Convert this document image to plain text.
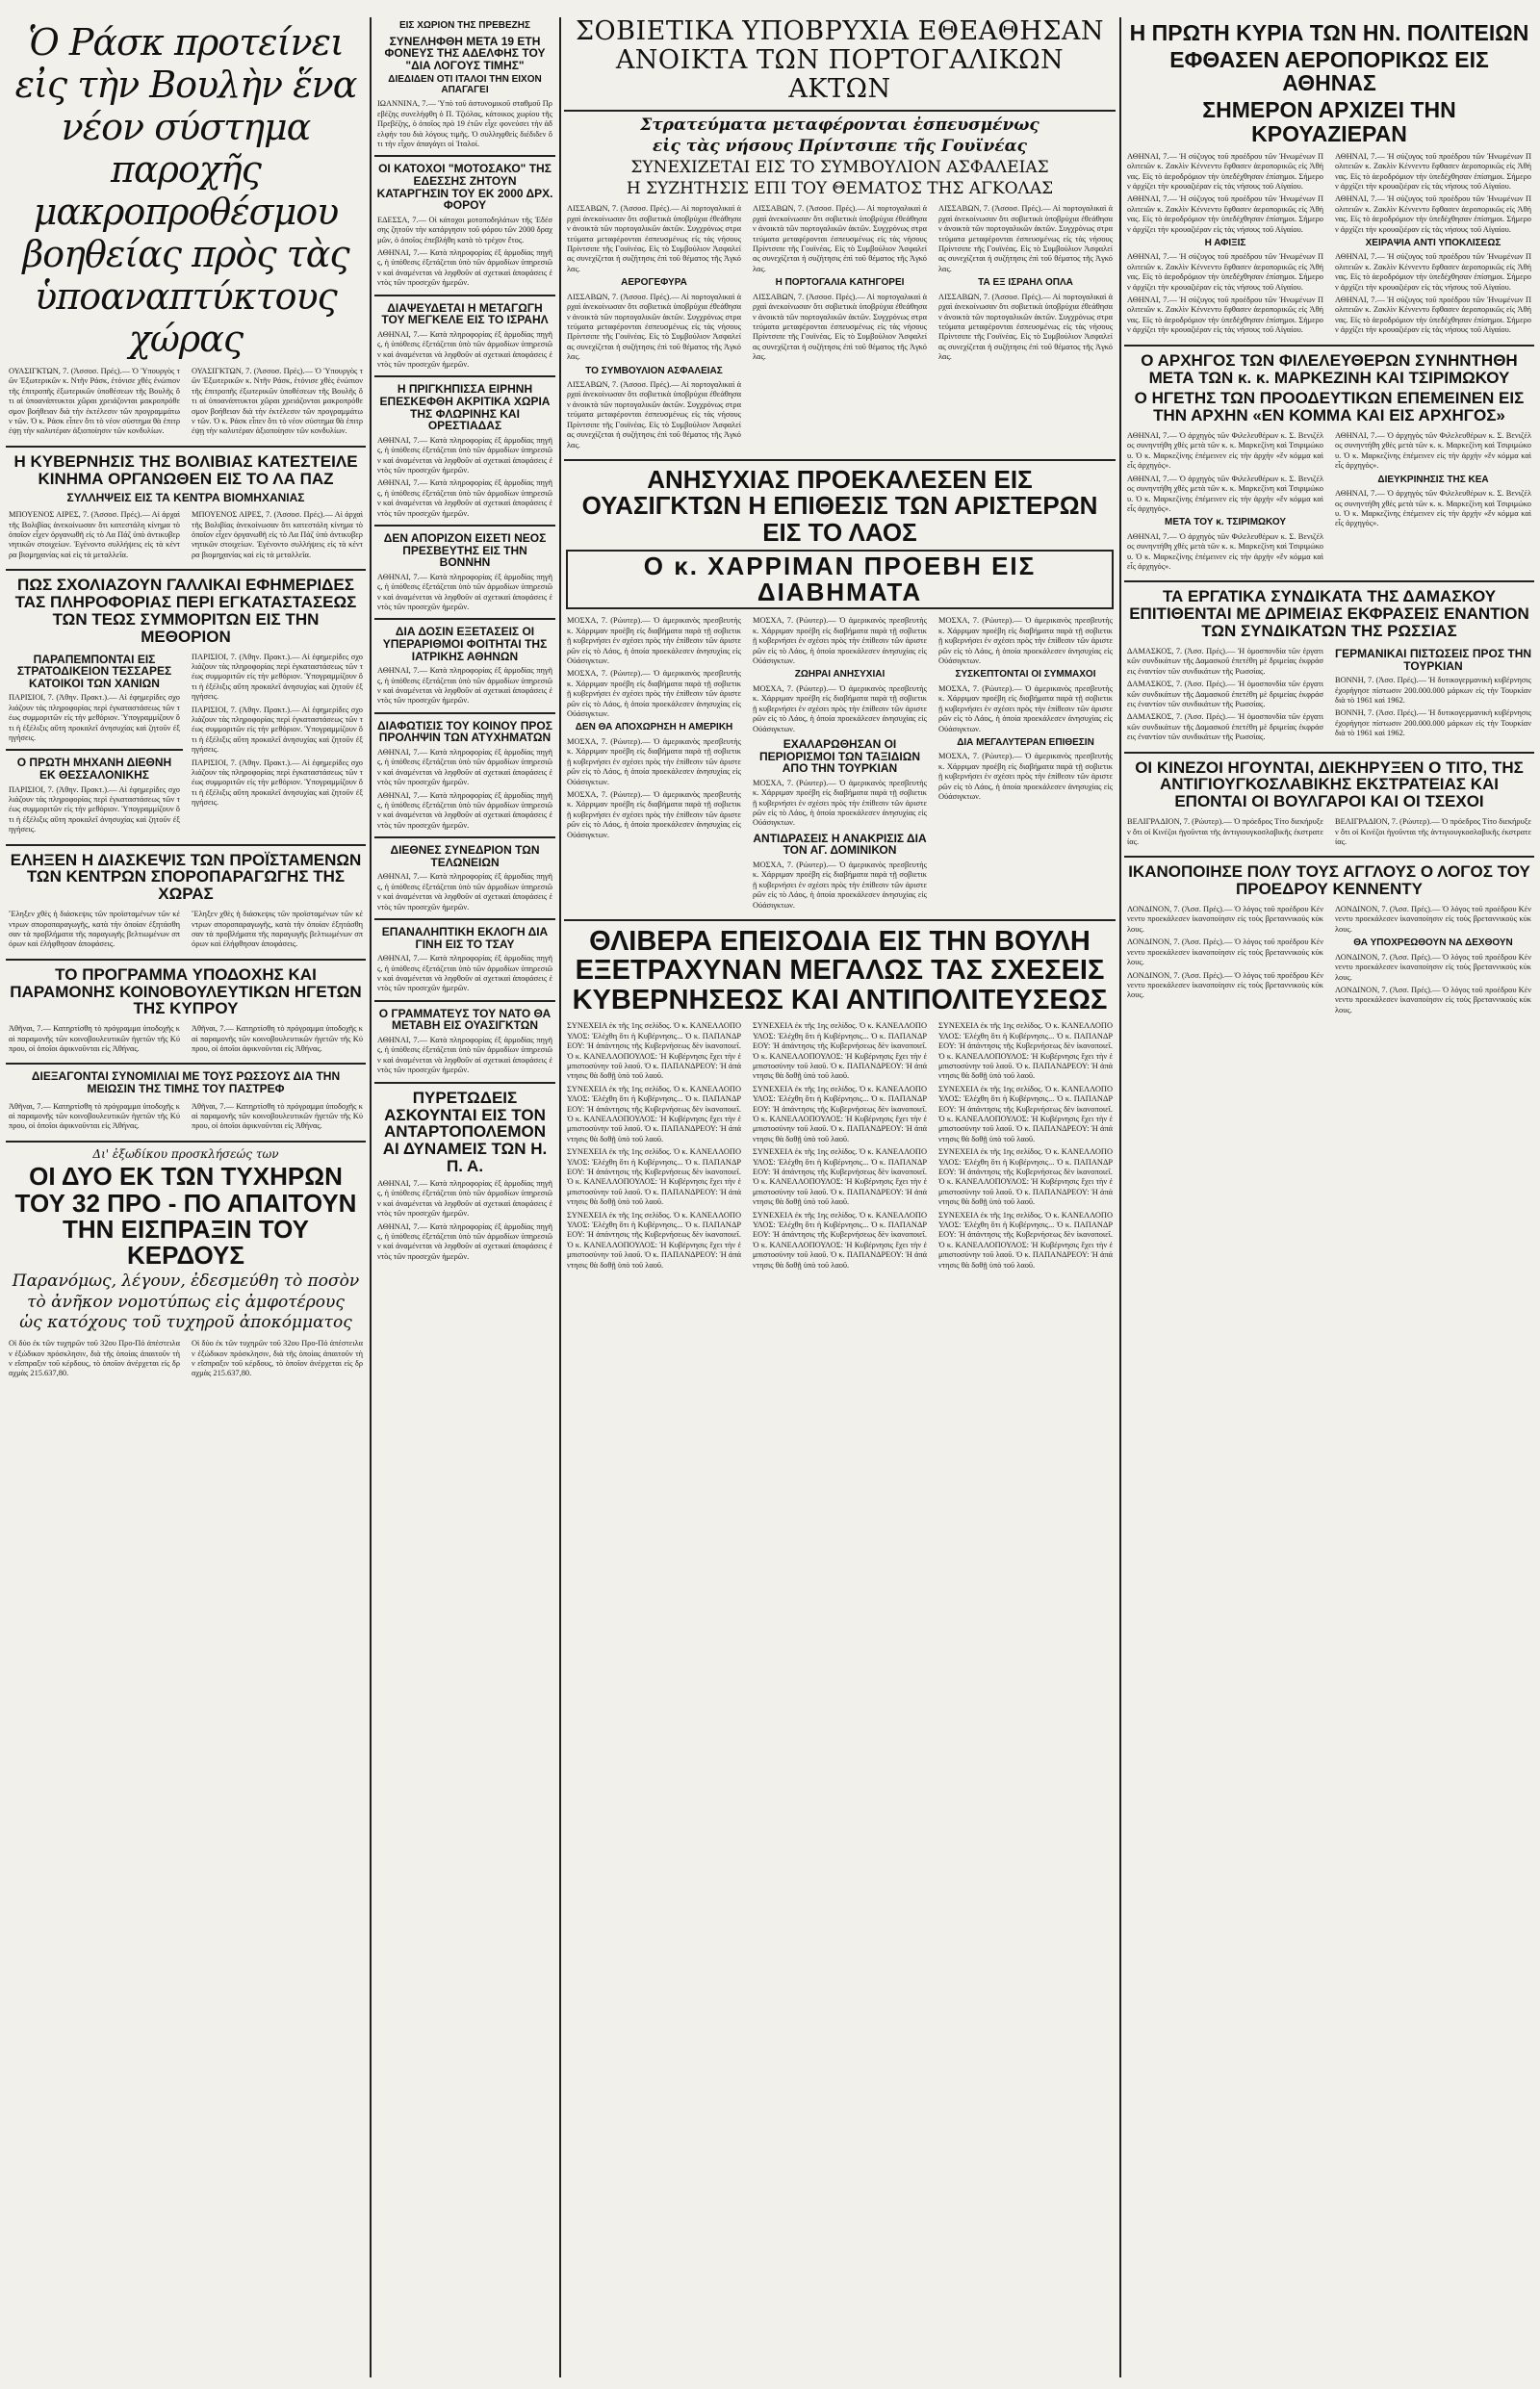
Ὁ Ράσκ προτείνει εἰς τὴν Βουλὴν ἕνα νέον σύστημα παροχῆς μακροπροθέσμου βοηθείας πρὸς τὰς ὑποαναπτύκτους χώρας
ΟΥΑΣΙΓΚΤΩΝ, 7. (Ἀσσοσ. Πρές).— Ὁ Ὑπουργὸς τῶν Ἐξωτερικῶν κ. Ντῆν Ράσκ, ἐτόνισε χθὲς ἐνώπιον τῆς ἐπιτροπῆς ἐξωτερικῶν ὑποθέσεων τῆς Βουλῆς ὅτι αἱ ὑποανάπτυκτοι χῶραι χρειάζονται μακροπρόθεσμον βοήθειαν διὰ τὴν ἐκτέλεσιν τῶν προγραμμάτων τῶν. Ὁ κ. Ράσκ εἶπεν ὅτι τὸ νέον σύστημα θὰ ἐπιτρέψῃ τὴν καλυτέραν ἀξιοποίησιν τῶν κονδυλίων.
ΟΥΑΣΙΓΚΤΩΝ, 7. (Ἀσσοσ. Πρές).— Ὁ Ὑπουργὸς τῶν Ἐξωτερικῶν κ. Ντῆν Ράσκ, ἐτόνισε χθὲς ἐνώπιον τῆς ἐπιτροπῆς ἐξωτερικῶν ὑποθέσεων τῆς Βουλῆς ὅτι αἱ ὑποανάπτυκτοι χῶραι χρειάζονται μακροπρόθεσμον βοήθειαν διὰ τὴν ἐκτέλεσιν τῶν προγραμμάτων τῶν. Ὁ κ. Ράσκ εἶπεν ὅτι τὸ νέον σύστημα θὰ ἐπιτρέψῃ τὴν καλυτέραν ἀξιοποίησιν τῶν κονδυλίων.
Η ΚΥΒΕΡΝΗΣΙΣ ΤΗΣ ΒΟΛΙΒΙΑΣ ΚΑΤΕΣΤΕΙΛΕ ΚΙΝΗΜΑ ΟΡΓΑΝΩΘΕΝ ΕΙΣ ΤΟ ΛΑ ΠΑΖ
ΣΥΛΛΗΨΕΙΣ ΕΙΣ ΤΑ ΚΕΝΤΡΑ ΒΙΟΜΗΧΑΝΙΑΣ
ΜΠΟΥΕΝΟΣ ΑΙΡΕΣ, 7. (Ἀσσοσ. Πρές).— Αἱ ἀρχαὶ τῆς Βολιβίας ἀνεκοίνωσαν ὅτι κατεστάλη κίνημα τὸ ὁποῖον εἶχεν ὀργανωθῆ εἰς τὸ Λα Πάζ ὑπὸ ἀντικυβερνητικῶν στοιχείων. Ἐγένοντο συλλήψεις εἰς τὰ κέντρα βιομηχανίας καὶ εἰς τὰ μεταλλεῖα.
ΜΠΟΥΕΝΟΣ ΑΙΡΕΣ, 7. (Ἀσσοσ. Πρές).— Αἱ ἀρχαὶ τῆς Βολιβίας ἀνεκοίνωσαν ὅτι κατεστάλη κίνημα τὸ ὁποῖον εἶχεν ὀργανωθῆ εἰς τὸ Λα Πάζ ὑπὸ ἀντικυβερνητικῶν στοιχείων. Ἐγένοντο συλλήψεις εἰς τὰ κέντρα βιομηχανίας καὶ εἰς τὰ μεταλλεῖα.
ΠΩΣ ΣΧΟΛΙΑΖΟΥΝ ΓΑΛΛΙΚΑΙ ΕΦΗΜΕΡΙΔΕΣ ΤΑΣ ΠΛΗΡΟΦΟΡΙΑΣ ΠΕΡΙ ΕΓΚΑΤΑΣΤΑΣΕΩΣ ΤΩΝ ΤΕΩΣ ΣΥΜΜΟΡΙΤΩΝ ΕΙΣ ΤΗΝ ΜΕΘΟΡΙΟΝ
ΠΑΡΑΠΕΜΠΟΝΤΑΙ ΕΙΣ ΣΤΡΑΤΟΔΙΚΕΙΟΝ ΤΕΣΣΑΡΕΣ ΚΑΤΟΙΚΟΙ ΤΩΝ ΧΑΝΙΩΝ
ΠΑΡΙΣΙΟΙ, 7. (Ἀθην. Πρακτ.).— Αἱ ἐφημερίδες σχολιάζουν τὰς πληροφορίας περὶ ἐγκαταστάσεως τῶν τέως συμμοριτῶν εἰς τὴν μεθόριον. Ὑπογραμμίζουν ὅτι ἡ ἐξέλιξις αὕτη προκαλεῖ ἀνησυχίας καὶ ζητοῦν ἐξηγήσεις.
Ο ΠΡΩΤΗ ΜΗΧΑΝΗ ΔΙΕΘΝΗ ΕΚ ΘΕΣΣΑΛΟΝΙΚΗΣ
ΠΑΡΙΣΙΟΙ, 7. (Ἀθην. Πρακτ.).— Αἱ ἐφημερίδες σχολιάζουν τὰς πληροφορίας περὶ ἐγκαταστάσεως τῶν τέως συμμοριτῶν εἰς τὴν μεθόριον. Ὑπογραμμίζουν ὅτι ἡ ἐξέλιξις αὕτη προκαλεῖ ἀνησυχίας καὶ ζητοῦν ἐξηγήσεις.
ΠΑΡΙΣΙΟΙ, 7. (Ἀθην. Πρακτ.).— Αἱ ἐφημερίδες σχολιάζουν τὰς πληροφορίας περὶ ἐγκαταστάσεως τῶν τέως συμμοριτῶν εἰς τὴν μεθόριον. Ὑπογραμμίζουν ὅτι ἡ ἐξέλιξις αὕτη προκαλεῖ ἀνησυχίας καὶ ζητοῦν ἐξηγήσεις.
ΠΑΡΙΣΙΟΙ, 7. (Ἀθην. Πρακτ.).— Αἱ ἐφημερίδες σχολιάζουν τὰς πληροφορίας περὶ ἐγκαταστάσεως τῶν τέως συμμοριτῶν εἰς τὴν μεθόριον. Ὑπογραμμίζουν ὅτι ἡ ἐξέλιξις αὕτη προκαλεῖ ἀνησυχίας καὶ ζητοῦν ἐξηγήσεις.
ΠΑΡΙΣΙΟΙ, 7. (Ἀθην. Πρακτ.).— Αἱ ἐφημερίδες σχολιάζουν τὰς πληροφορίας περὶ ἐγκαταστάσεως τῶν τέως συμμοριτῶν εἰς τὴν μεθόριον. Ὑπογραμμίζουν ὅτι ἡ ἐξέλιξις αὕτη προκαλεῖ ἀνησυχίας καὶ ζητοῦν ἐξηγήσεις.
ΕΛΗΞΕΝ Η ΔΙΑΣΚΕΨΙΣ ΤΩΝ ΠΡΟΪΣΤΑΜΕΝΩΝ ΤΩΝ ΚΕΝΤΡΩΝ ΣΠΟΡΟΠΑΡΑΓΩΓΗΣ ΤΗΣ ΧΩΡΑΣ
Ἔληξεν χθὲς ἡ διάσκεψις τῶν προϊσταμένων τῶν κέντρων σποροπαραγωγῆς, κατὰ τὴν ὁποίαν ἐξητάσθησαν τὰ προβλήματα τῆς παραγωγῆς βελτιωμένων σπόρων καὶ ἐλήφθησαν ἀποφάσεις.
Ἔληξεν χθὲς ἡ διάσκεψις τῶν προϊσταμένων τῶν κέντρων σποροπαραγωγῆς, κατὰ τὴν ὁποίαν ἐξητάσθησαν τὰ προβλήματα τῆς παραγωγῆς βελτιωμένων σπόρων καὶ ἐλήφθησαν ἀποφάσεις.
ΤΟ ΠΡΟΓΡΑΜΜΑ ΥΠΟΔΟΧΗΣ ΚΑΙ ΠΑΡΑΜΟΝΗΣ ΚΟΙΝΟΒΟΥΛΕΥΤΙΚΩΝ ΗΓΕΤΩΝ ΤΗΣ ΚΥΠΡΟΥ
Ἀθῆναι, 7.— Κατηρτίσθη τὸ πρόγραμμα ὑποδοχῆς καὶ παραμονῆς τῶν κοινοβουλευτικῶν ἡγετῶν τῆς Κύπρου, οἱ ὁποῖοι ἀφικνοῦνται εἰς Ἀθήνας.
Ἀθῆναι, 7.— Κατηρτίσθη τὸ πρόγραμμα ὑποδοχῆς καὶ παραμονῆς τῶν κοινοβουλευτικῶν ἡγετῶν τῆς Κύπρου, οἱ ὁποῖοι ἀφικνοῦνται εἰς Ἀθήνας.
ΔΙΕΞΑΓΟΝΤΑΙ ΣΥΝΟΜΙΛΙΑΙ ΜΕ ΤΟΥΣ ΡΩΣΣΟΥΣ ΔΙΑ ΤΗΝ ΜΕΙΩΣΙΝ ΤΗΣ ΤΙΜΗΣ ΤΟΥ ΠΑΣΤΡΕΦ
Ἀθῆναι, 7.— Κατηρτίσθη τὸ πρόγραμμα ὑποδοχῆς καὶ παραμονῆς τῶν κοινοβουλευτικῶν ἡγετῶν τῆς Κύπρου, οἱ ὁποῖοι ἀφικνοῦνται εἰς Ἀθήνας.
Ἀθῆναι, 7.— Κατηρτίσθη τὸ πρόγραμμα ὑποδοχῆς καὶ παραμονῆς τῶν κοινοβουλευτικῶν ἡγετῶν τῆς Κύπρου, οἱ ὁποῖοι ἀφικνοῦνται εἰς Ἀθήνας.
Δι' ἐξωδίκου προσκλήσεώς των
ΟΙ ΔΥΟ ΕΚ ΤΩΝ ΤΥΧΗΡΩΝ ΤΟΥ 32 ΠΡΟ - ΠΟ ΑΠΑΙΤΟΥΝ ΤΗΝ ΕΙΣΠΡΑΞΙΝ ΤΟΥ ΚΕΡΔΟΥΣ
Παρανόμως, λέγουν, ἐδεσμεύθη τὸ ποσὸν
τὸ ἀνῆκον νομοτύπως εἰς ἀμφοτέρους
ὡς κατόχους τοῦ τυχηροῦ ἀποκόμματος
Οἱ δύο ἐκ τῶν τυχηρῶν τοῦ 32ου Προ-Πό ἀπέστειλαν ἐξώδικον πρόσκλησιν, διὰ τῆς ὁποίας ἀπαιτοῦν τὴν εἴσπραξιν τοῦ κέρδους, τὸ ὁποῖον ἀνέρχεται εἰς δραχμὰς 215.637,80.
Οἱ δύο ἐκ τῶν τυχηρῶν τοῦ 32ου Προ-Πό ἀπέστειλαν ἐξώδικον πρόσκλησιν, διὰ τῆς ὁποίας ἀπαιτοῦν τὴν εἴσπραξιν τοῦ κέρδους, τὸ ὁποῖον ἀνέρχεται εἰς δραχμὰς 215.637,80.
ΕΙΣ ΧΩΡΙΟΝ ΤΗΣ ΠΡΕΒΕΖΗΣ
ΣΥΝΕΛΗΦΘΗ ΜΕΤΑ 19 ΕΤΗ ΦΟΝΕΥΣ ΤΗΣ ΑΔΕΛΦΗΣ ΤΟΥ "ΔΙΑ ΛΟΓΟΥΣ ΤΙΜΗΣ"
ΔΙΕΔΙΔΕΝ ΟΤΙ ΙΤΑΛΟΙ ΤΗΝ ΕΙΧΟΝ ΑΠΑΓΑΓΕΙ
ΙΩΑΝΝΙΝΑ, 7.— Ὑπὸ τοῦ ἀστυνομικοῦ σταθμοῦ Πρεβέζης συνελήφθη ὁ Π. Τζιόλας, κάτοικος χωρίου τῆς Πρεβέζης, ὁ ὁποῖος πρὸ 19 ἐτῶν εἶχε φονεύσει τὴν ἀδελφήν του διὰ λόγους τιμῆς. Ὁ συλληφθεὶς διέδιδεν ὅτι τὴν εἶχον ἀπαγάγει οἱ Ἰταλοί.
ΟΙ ΚΑΤΟΧΟΙ "ΜΟΤΟΣΑΚΟ" ΤΗΣ ΕΔΕΣΣΗΣ ΖΗΤΟΥΝ ΚΑΤΑΡΓΗΣΙΝ ΤΟΥ ΕΚ 2000 ΔΡΧ. ΦΟΡΟΥ
ΕΔΕΣΣΑ, 7.— Οἱ κάτοχοι μοτοποδηλάτων τῆς Ἐδέσσης ζητοῦν τὴν κατάργησιν τοῦ φόρου τῶν 2000 δραχμῶν, ὁ ὁποῖος ἐπεβλήθη κατὰ τὸ τρέχον ἔτος.
ΑΘΗΝΑΙ, 7.— Κατὰ πληροφορίας ἐξ ἁρμοδίας πηγῆς, ἡ ὑπόθεσις ἐξετάζεται ὑπὸ τῶν ἁρμοδίων ὑπηρεσιῶν καὶ ἀναμένεται νὰ ληφθοῦν αἱ σχετικαὶ ἀποφάσεις ἐντὸς τῶν προσεχῶν ἡμερῶν.
ΔΙΑΨΕΥΔΕΤΑΙ Η ΜΕΤΑΓΩΓΗ ΤΟΥ ΜΕΓΚΕΛΕ ΕΙΣ ΤΟ ΙΣΡΑΗΛ
ΑΘΗΝΑΙ, 7.— Κατὰ πληροφορίας ἐξ ἁρμοδίας πηγῆς, ἡ ὑπόθεσις ἐξετάζεται ὑπὸ τῶν ἁρμοδίων ὑπηρεσιῶν καὶ ἀναμένεται νὰ ληφθοῦν αἱ σχετικαὶ ἀποφάσεις ἐντὸς τῶν προσεχῶν ἡμερῶν.
Η ΠΡΙΓΚΗΠΙΣΣΑ ΕΙΡΗΝΗ ΕΠΕΣΚΕΦΘΗ ΑΚΡΙΤΙΚΑ ΧΩΡΙΑ ΤΗΣ ΦΛΩΡΙΝΗΣ ΚΑΙ ΟΡΕΣΤΙΑΔΑΣ
ΑΘΗΝΑΙ, 7.— Κατὰ πληροφορίας ἐξ ἁρμοδίας πηγῆς, ἡ ὑπόθεσις ἐξετάζεται ὑπὸ τῶν ἁρμοδίων ὑπηρεσιῶν καὶ ἀναμένεται νὰ ληφθοῦν αἱ σχετικαὶ ἀποφάσεις ἐντὸς τῶν προσεχῶν ἡμερῶν.
ΑΘΗΝΑΙ, 7.— Κατὰ πληροφορίας ἐξ ἁρμοδίας πηγῆς, ἡ ὑπόθεσις ἐξετάζεται ὑπὸ τῶν ἁρμοδίων ὑπηρεσιῶν καὶ ἀναμένεται νὰ ληφθοῦν αἱ σχετικαὶ ἀποφάσεις ἐντὸς τῶν προσεχῶν ἡμερῶν.
ΔΕΝ ΑΠΟΡΙΖΟΝ ΕΙΣΕΤΙ ΝΕΟΣ ΠΡΕΣΒΕΥΤΗΣ ΕΙΣ ΤΗΝ ΒΟΝΝΗΝ
ΑΘΗΝΑΙ, 7.— Κατὰ πληροφορίας ἐξ ἁρμοδίας πηγῆς, ἡ ὑπόθεσις ἐξετάζεται ὑπὸ τῶν ἁρμοδίων ὑπηρεσιῶν καὶ ἀναμένεται νὰ ληφθοῦν αἱ σχετικαὶ ἀποφάσεις ἐντὸς τῶν προσεχῶν ἡμερῶν.
ΔΙΑ ΔΟΣΙΝ ΕΞΕΤΑΣΕΙΣ ΟΙ ΥΠΕΡΑΡΙΘΜΟΙ ΦΟΙΤΗΤΑΙ ΤΗΣ ΙΑΤΡΙΚΗΣ ΑΘΗΝΩΝ
ΑΘΗΝΑΙ, 7.— Κατὰ πληροφορίας ἐξ ἁρμοδίας πηγῆς, ἡ ὑπόθεσις ἐξετάζεται ὑπὸ τῶν ἁρμοδίων ὑπηρεσιῶν καὶ ἀναμένεται νὰ ληφθοῦν αἱ σχετικαὶ ἀποφάσεις ἐντὸς τῶν προσεχῶν ἡμερῶν.
ΔΙΑΦΩΤΙΣΙΣ ΤΟΥ ΚΟΙΝΟΥ ΠΡΟΣ ΠΡΟΛΗΨΙΝ ΤΩΝ ΑΤΥΧΗΜΑΤΩΝ
ΑΘΗΝΑΙ, 7.— Κατὰ πληροφορίας ἐξ ἁρμοδίας πηγῆς, ἡ ὑπόθεσις ἐξετάζεται ὑπὸ τῶν ἁρμοδίων ὑπηρεσιῶν καὶ ἀναμένεται νὰ ληφθοῦν αἱ σχετικαὶ ἀποφάσεις ἐντὸς τῶν προσεχῶν ἡμερῶν.
ΑΘΗΝΑΙ, 7.— Κατὰ πληροφορίας ἐξ ἁρμοδίας πηγῆς, ἡ ὑπόθεσις ἐξετάζεται ὑπὸ τῶν ἁρμοδίων ὑπηρεσιῶν καὶ ἀναμένεται νὰ ληφθοῦν αἱ σχετικαὶ ἀποφάσεις ἐντὸς τῶν προσεχῶν ἡμερῶν.
ΔΙΕΘΝΕΣ ΣΥΝΕΔΡΙΟΝ ΤΩΝ ΤΕΛΩΝΕΙΩΝ
ΑΘΗΝΑΙ, 7.— Κατὰ πληροφορίας ἐξ ἁρμοδίας πηγῆς, ἡ ὑπόθεσις ἐξετάζεται ὑπὸ τῶν ἁρμοδίων ὑπηρεσιῶν καὶ ἀναμένεται νὰ ληφθοῦν αἱ σχετικαὶ ἀποφάσεις ἐντὸς τῶν προσεχῶν ἡμερῶν.
ΕΠΑΝΑΛΗΠΤΙΚΗ ΕΚΛΟΓΗ ΔΙΑ ΓΙΝΗ ΕΙΣ ΤΟ ΤΣΑΥ
ΑΘΗΝΑΙ, 7.— Κατὰ πληροφορίας ἐξ ἁρμοδίας πηγῆς, ἡ ὑπόθεσις ἐξετάζεται ὑπὸ τῶν ἁρμοδίων ὑπηρεσιῶν καὶ ἀναμένεται νὰ ληφθοῦν αἱ σχετικαὶ ἀποφάσεις ἐντὸς τῶν προσεχῶν ἡμερῶν.
Ο ΓΡΑΜΜΑΤΕΥΣ ΤΟΥ ΝΑΤΟ ΘΑ ΜΕΤΑΒΗ ΕΙΣ ΟΥΑΣΙΓΚΤΩΝ
ΑΘΗΝΑΙ, 7.— Κατὰ πληροφορίας ἐξ ἁρμοδίας πηγῆς, ἡ ὑπόθεσις ἐξετάζεται ὑπὸ τῶν ἁρμοδίων ὑπηρεσιῶν καὶ ἀναμένεται νὰ ληφθοῦν αἱ σχετικαὶ ἀποφάσεις ἐντὸς τῶν προσεχῶν ἡμερῶν.
ΠΥΡΕΤΩΔΕΙΣ ΑΣΚΟΥΝΤΑΙ ΕΙΣ ΤΟΝ ΑΝΤΑΡΤΟΠΟΛΕΜΟΝ ΑΙ ΔΥΝΑΜΕΙΣ ΤΩΝ Η. Π. Α.
ΑΘΗΝΑΙ, 7.— Κατὰ πληροφορίας ἐξ ἁρμοδίας πηγῆς, ἡ ὑπόθεσις ἐξετάζεται ὑπὸ τῶν ἁρμοδίων ὑπηρεσιῶν καὶ ἀναμένεται νὰ ληφθοῦν αἱ σχετικαὶ ἀποφάσεις ἐντὸς τῶν προσεχῶν ἡμερῶν.
ΑΘΗΝΑΙ, 7.— Κατὰ πληροφορίας ἐξ ἁρμοδίας πηγῆς, ἡ ὑπόθεσις ἐξετάζεται ὑπὸ τῶν ἁρμοδίων ὑπηρεσιῶν καὶ ἀναμένεται νὰ ληφθοῦν αἱ σχετικαὶ ἀποφάσεις ἐντὸς τῶν προσεχῶν ἡμερῶν.
ΣΟΒΙΕΤΙΚΑ ΥΠΟΒΡΥΧΙΑ ΕΘΕΑΘΗΣΑΝ
ΑΝΟΙΚΤΑ ΤΩΝ ΠΟΡΤΟΓΑΛΙΚΩΝ ΑΚΤΩΝ
Στρατεύματα μεταφέρονται ἐσπευσμένως
εἰς τὰς νήσους Πρίντσιπε τῆς Γουϊνέας
ΣΥΝΕΧΙΖΕΤΑΙ ΕΙΣ ΤΟ ΣΥΜΒΟΥΛΙΟΝ ΑΣΦΑΛΕΙΑΣ
Η ΣΥΖΗΤΗΣΙΣ ΕΠΙ ΤΟΥ ΘΕΜΑΤΟΣ ΤΗΣ ΑΓΚΟΛΑΣ
ΛΙΣΣΑΒΩΝ, 7. (Ἀσσοσ. Πρές).— Αἱ πορτογαλικαὶ ἀρχαὶ ἀνεκοίνωσαν ὅτι σοβιετικὰ ὑποβρύχια ἐθεάθησαν ἀνοικτὰ τῶν πορτογαλικῶν ἀκτῶν. Συγχρόνως στρατεύματα μεταφέρονται ἐσπευσμένως εἰς τὰς νήσους Πρίντσιπε τῆς Γουϊνέας. Εἰς τὸ Συμβούλιον Ἀσφαλείας συνεχίζεται ἡ συζήτησις ἐπὶ τοῦ θέματος τῆς Ἀγκόλας.
ΑΕΡΟΓΕΦΥΡΑ
ΛΙΣΣΑΒΩΝ, 7. (Ἀσσοσ. Πρές).— Αἱ πορτογαλικαὶ ἀρχαὶ ἀνεκοίνωσαν ὅτι σοβιετικὰ ὑποβρύχια ἐθεάθησαν ἀνοικτὰ τῶν πορτογαλικῶν ἀκτῶν. Συγχρόνως στρατεύματα μεταφέρονται ἐσπευσμένως εἰς τὰς νήσους Πρίντσιπε τῆς Γουϊνέας. Εἰς τὸ Συμβούλιον Ἀσφαλείας συνεχίζεται ἡ συζήτησις ἐπὶ τοῦ θέματος τῆς Ἀγκόλας.
ΤΟ ΣΥΜΒΟΥΛΙΟΝ ΑΣΦΑΛΕΙΑΣ
ΛΙΣΣΑΒΩΝ, 7. (Ἀσσοσ. Πρές).— Αἱ πορτογαλικαὶ ἀρχαὶ ἀνεκοίνωσαν ὅτι σοβιετικὰ ὑποβρύχια ἐθεάθησαν ἀνοικτὰ τῶν πορτογαλικῶν ἀκτῶν. Συγχρόνως στρατεύματα μεταφέρονται ἐσπευσμένως εἰς τὰς νήσους Πρίντσιπε τῆς Γουϊνέας. Εἰς τὸ Συμβούλιον Ἀσφαλείας συνεχίζεται ἡ συζήτησις ἐπὶ τοῦ θέματος τῆς Ἀγκόλας.
ΛΙΣΣΑΒΩΝ, 7. (Ἀσσοσ. Πρές).— Αἱ πορτογαλικαὶ ἀρχαὶ ἀνεκοίνωσαν ὅτι σοβιετικὰ ὑποβρύχια ἐθεάθησαν ἀνοικτὰ τῶν πορτογαλικῶν ἀκτῶν. Συγχρόνως στρατεύματα μεταφέρονται ἐσπευσμένως εἰς τὰς νήσους Πρίντσιπε τῆς Γουϊνέας. Εἰς τὸ Συμβούλιον Ἀσφαλείας συνεχίζεται ἡ συζήτησις ἐπὶ τοῦ θέματος τῆς Ἀγκόλας.
Η ΠΟΡΤΟΓΑΛΙΑ ΚΑΤΗΓΟΡΕΙ
ΛΙΣΣΑΒΩΝ, 7. (Ἀσσοσ. Πρές).— Αἱ πορτογαλικαὶ ἀρχαὶ ἀνεκοίνωσαν ὅτι σοβιετικὰ ὑποβρύχια ἐθεάθησαν ἀνοικτὰ τῶν πορτογαλικῶν ἀκτῶν. Συγχρόνως στρατεύματα μεταφέρονται ἐσπευσμένως εἰς τὰς νήσους Πρίντσιπε τῆς Γουϊνέας. Εἰς τὸ Συμβούλιον Ἀσφαλείας συνεχίζεται ἡ συζήτησις ἐπὶ τοῦ θέματος τῆς Ἀγκόλας.
ΛΙΣΣΑΒΩΝ, 7. (Ἀσσοσ. Πρές).— Αἱ πορτογαλικαὶ ἀρχαὶ ἀνεκοίνωσαν ὅτι σοβιετικὰ ὑποβρύχια ἐθεάθησαν ἀνοικτὰ τῶν πορτογαλικῶν ἀκτῶν. Συγχρόνως στρατεύματα μεταφέρονται ἐσπευσμένως εἰς τὰς νήσους Πρίντσιπε τῆς Γουϊνέας. Εἰς τὸ Συμβούλιον Ἀσφαλείας συνεχίζεται ἡ συζήτησις ἐπὶ τοῦ θέματος τῆς Ἀγκόλας.
ΤΑ ΕΞ ΙΣΡΑΗΛ ΟΠΛΑ
ΛΙΣΣΑΒΩΝ, 7. (Ἀσσοσ. Πρές).— Αἱ πορτογαλικαὶ ἀρχαὶ ἀνεκοίνωσαν ὅτι σοβιετικὰ ὑποβρύχια ἐθεάθησαν ἀνοικτὰ τῶν πορτογαλικῶν ἀκτῶν. Συγχρόνως στρατεύματα μεταφέρονται ἐσπευσμένως εἰς τὰς νήσους Πρίντσιπε τῆς Γουϊνέας. Εἰς τὸ Συμβούλιον Ἀσφαλείας συνεχίζεται ἡ συζήτησις ἐπὶ τοῦ θέματος τῆς Ἀγκόλας.
ΑΝΗΣΥΧΙΑΣ ΠΡΟΕΚΑΛΕΣΕΝ ΕΙΣ ΟΥΑΣΙΓΚΤΩΝ Η ΕΠΙΘΕΣΙΣ ΤΩΝ ΑΡΙΣΤΕΡΩΝ ΕΙΣ ΤΟ ΛΑΟΣ
Ο κ. ΧΑΡΡΙΜΑΝ ΠΡΟΕΒΗ ΕΙΣ ΔΙΑΒΗΜΑΤΑ
ΜΟΣΧΑ, 7. (Ρώυτερ).— Ὁ ἀμερικανὸς πρεσβευτὴς κ. Χάρριμαν προέβη εἰς διαβήματα παρὰ τῇ σοβιετικῇ κυβερνήσει ἐν σχέσει πρὸς τὴν ἐπίθεσιν τῶν ἀριστερῶν εἰς τὸ Λάος, ἡ ὁποία προεκάλεσεν ἀνησυχίας εἰς Οὐάσιγκτων.
ΜΟΣΧΑ, 7. (Ρώυτερ).— Ὁ ἀμερικανὸς πρεσβευτὴς κ. Χάρριμαν προέβη εἰς διαβήματα παρὰ τῇ σοβιετικῇ κυβερνήσει ἐν σχέσει πρὸς τὴν ἐπίθεσιν τῶν ἀριστερῶν εἰς τὸ Λάος, ἡ ὁποία προεκάλεσεν ἀνησυχίας εἰς Οὐάσιγκτων.
ΔΕΝ ΘΑ ΑΠΟΧΩΡΗΣΗ Η ΑΜΕΡΙΚΗ
ΜΟΣΧΑ, 7. (Ρώυτερ).— Ὁ ἀμερικανὸς πρεσβευτὴς κ. Χάρριμαν προέβη εἰς διαβήματα παρὰ τῇ σοβιετικῇ κυβερνήσει ἐν σχέσει πρὸς τὴν ἐπίθεσιν τῶν ἀριστερῶν εἰς τὸ Λάος, ἡ ὁποία προεκάλεσεν ἀνησυχίας εἰς Οὐάσιγκτων.
ΜΟΣΧΑ, 7. (Ρώυτερ).— Ὁ ἀμερικανὸς πρεσβευτὴς κ. Χάρριμαν προέβη εἰς διαβήματα παρὰ τῇ σοβιετικῇ κυβερνήσει ἐν σχέσει πρὸς τὴν ἐπίθεσιν τῶν ἀριστερῶν εἰς τὸ Λάος, ἡ ὁποία προεκάλεσεν ἀνησυχίας εἰς Οὐάσιγκτων.
ΜΟΣΧΑ, 7. (Ρώυτερ).— Ὁ ἀμερικανὸς πρεσβευτὴς κ. Χάρριμαν προέβη εἰς διαβήματα παρὰ τῇ σοβιετικῇ κυβερνήσει ἐν σχέσει πρὸς τὴν ἐπίθεσιν τῶν ἀριστερῶν εἰς τὸ Λάος, ἡ ὁποία προεκάλεσεν ἀνησυχίας εἰς Οὐάσιγκτων.
ΖΩΗΡΑΙ ΑΝΗΣΥΧΙΑΙ
ΜΟΣΧΑ, 7. (Ρώυτερ).— Ὁ ἀμερικανὸς πρεσβευτὴς κ. Χάρριμαν προέβη εἰς διαβήματα παρὰ τῇ σοβιετικῇ κυβερνήσει ἐν σχέσει πρὸς τὴν ἐπίθεσιν τῶν ἀριστερῶν εἰς τὸ Λάος, ἡ ὁποία προεκάλεσεν ἀνησυχίας εἰς Οὐάσιγκτων.
ΕΧΑΛΑΡΩΘΗΣΑΝ ΟΙ ΠΕΡΙΟΡΙΣΜΟΙ ΤΩΝ ΤΑΞΙΔΙΩΝ ΑΠΟ ΤΗΝ ΤΟΥΡΚΙΑΝ
ΜΟΣΧΑ, 7. (Ρώυτερ).— Ὁ ἀμερικανὸς πρεσβευτὴς κ. Χάρριμαν προέβη εἰς διαβήματα παρὰ τῇ σοβιετικῇ κυβερνήσει ἐν σχέσει πρὸς τὴν ἐπίθεσιν τῶν ἀριστερῶν εἰς τὸ Λάος, ἡ ὁποία προεκάλεσεν ἀνησυχίας εἰς Οὐάσιγκτων.
ΑΝΤΙΔΡΑΣΕΙΣ Η ΑΝΑΚΡΙΣΙΣ ΔΙΑ ΤΟΝ ΑΓ. ΔΟΜΙΝΙΚΟΝ
ΜΟΣΧΑ, 7. (Ρώυτερ).— Ὁ ἀμερικανὸς πρεσβευτὴς κ. Χάρριμαν προέβη εἰς διαβήματα παρὰ τῇ σοβιετικῇ κυβερνήσει ἐν σχέσει πρὸς τὴν ἐπίθεσιν τῶν ἀριστερῶν εἰς τὸ Λάος, ἡ ὁποία προεκάλεσεν ἀνησυχίας εἰς Οὐάσιγκτων.
ΜΟΣΧΑ, 7. (Ρώυτερ).— Ὁ ἀμερικανὸς πρεσβευτὴς κ. Χάρριμαν προέβη εἰς διαβήματα παρὰ τῇ σοβιετικῇ κυβερνήσει ἐν σχέσει πρὸς τὴν ἐπίθεσιν τῶν ἀριστερῶν εἰς τὸ Λάος, ἡ ὁποία προεκάλεσεν ἀνησυχίας εἰς Οὐάσιγκτων.
ΣΥΣΚΕΠΤΟΝΤΑΙ ΟΙ ΣΥΜΜΑΧΟΙ
ΜΟΣΧΑ, 7. (Ρώυτερ).— Ὁ ἀμερικανὸς πρεσβευτὴς κ. Χάρριμαν προέβη εἰς διαβήματα παρὰ τῇ σοβιετικῇ κυβερνήσει ἐν σχέσει πρὸς τὴν ἐπίθεσιν τῶν ἀριστερῶν εἰς τὸ Λάος, ἡ ὁποία προεκάλεσεν ἀνησυχίας εἰς Οὐάσιγκτων.
ΔΙΑ ΜΕΓΑΛΥΤΕΡΑΝ ΕΠΙΘΕΣΙΝ
ΜΟΣΧΑ, 7. (Ρώυτερ).— Ὁ ἀμερικανὸς πρεσβευτὴς κ. Χάρριμαν προέβη εἰς διαβήματα παρὰ τῇ σοβιετικῇ κυβερνήσει ἐν σχέσει πρὸς τὴν ἐπίθεσιν τῶν ἀριστερῶν εἰς τὸ Λάος, ἡ ὁποία προεκάλεσεν ἀνησυχίας εἰς Οὐάσιγκτων.
ΘΛΙΒΕΡΑ ΕΠΕΙΣΟΔΙΑ ΕΙΣ ΤΗΝ ΒΟΥΛΗ ΕΞΕΤΡΑΧΥΝΑΝ ΜΕΓΑΛΩΣ ΤΑΣ ΣΧΕΣΕΙΣ ΚΥΒΕΡΝΗΣΕΩΣ ΚΑΙ ΑΝΤΙΠΟΛΙΤΕΥΣΕΩΣ
ΣΥΝΕΧΕΙΑ ἐκ τῆς 1ης σελίδος. Ὁ κ. ΚΑΝΕΛΛΟΠΟΥΛΟΣ: Ἐλέχθη ὅτι ἡ Κυβέρνησις... Ὁ κ. ΠΑΠΑΝΔΡΕΟΥ: Ἡ ἀπάντησις τῆς Κυβερνήσεως δὲν ἱκανοποιεῖ. Ὁ κ. ΚΑΝΕΛΛΟΠΟΥΛΟΣ: Ἡ Κυβέρνησις ἔχει τὴν ἐμπιστοσύνην τοῦ λαοῦ. Ὁ κ. ΠΑΠΑΝΔΡΕΟΥ: Ἡ ἀπάντησις θὰ δοθῇ ὑπὸ τοῦ λαοῦ.
ΣΥΝΕΧΕΙΑ ἐκ τῆς 1ης σελίδος. Ὁ κ. ΚΑΝΕΛΛΟΠΟΥΛΟΣ: Ἐλέχθη ὅτι ἡ Κυβέρνησις... Ὁ κ. ΠΑΠΑΝΔΡΕΟΥ: Ἡ ἀπάντησις τῆς Κυβερνήσεως δὲν ἱκανοποιεῖ. Ὁ κ. ΚΑΝΕΛΛΟΠΟΥΛΟΣ: Ἡ Κυβέρνησις ἔχει τὴν ἐμπιστοσύνην τοῦ λαοῦ. Ὁ κ. ΠΑΠΑΝΔΡΕΟΥ: Ἡ ἀπάντησις θὰ δοθῇ ὑπὸ τοῦ λαοῦ.
ΣΥΝΕΧΕΙΑ ἐκ τῆς 1ης σελίδος. Ὁ κ. ΚΑΝΕΛΛΟΠΟΥΛΟΣ: Ἐλέχθη ὅτι ἡ Κυβέρνησις... Ὁ κ. ΠΑΠΑΝΔΡΕΟΥ: Ἡ ἀπάντησις τῆς Κυβερνήσεως δὲν ἱκανοποιεῖ. Ὁ κ. ΚΑΝΕΛΛΟΠΟΥΛΟΣ: Ἡ Κυβέρνησις ἔχει τὴν ἐμπιστοσύνην τοῦ λαοῦ. Ὁ κ. ΠΑΠΑΝΔΡΕΟΥ: Ἡ ἀπάντησις θὰ δοθῇ ὑπὸ τοῦ λαοῦ.
ΣΥΝΕΧΕΙΑ ἐκ τῆς 1ης σελίδος. Ὁ κ. ΚΑΝΕΛΛΟΠΟΥΛΟΣ: Ἐλέχθη ὅτι ἡ Κυβέρνησις... Ὁ κ. ΠΑΠΑΝΔΡΕΟΥ: Ἡ ἀπάντησις τῆς Κυβερνήσεως δὲν ἱκανοποιεῖ. Ὁ κ. ΚΑΝΕΛΛΟΠΟΥΛΟΣ: Ἡ Κυβέρνησις ἔχει τὴν ἐμπιστοσύνην τοῦ λαοῦ. Ὁ κ. ΠΑΠΑΝΔΡΕΟΥ: Ἡ ἀπάντησις θὰ δοθῇ ὑπὸ τοῦ λαοῦ.
ΣΥΝΕΧΕΙΑ ἐκ τῆς 1ης σελίδος. Ὁ κ. ΚΑΝΕΛΛΟΠΟΥΛΟΣ: Ἐλέχθη ὅτι ἡ Κυβέρνησις... Ὁ κ. ΠΑΠΑΝΔΡΕΟΥ: Ἡ ἀπάντησις τῆς Κυβερνήσεως δὲν ἱκανοποιεῖ. Ὁ κ. ΚΑΝΕΛΛΟΠΟΥΛΟΣ: Ἡ Κυβέρνησις ἔχει τὴν ἐμπιστοσύνην τοῦ λαοῦ. Ὁ κ. ΠΑΠΑΝΔΡΕΟΥ: Ἡ ἀπάντησις θὰ δοθῇ ὑπὸ τοῦ λαοῦ.
ΣΥΝΕΧΕΙΑ ἐκ τῆς 1ης σελίδος. Ὁ κ. ΚΑΝΕΛΛΟΠΟΥΛΟΣ: Ἐλέχθη ὅτι ἡ Κυβέρνησις... Ὁ κ. ΠΑΠΑΝΔΡΕΟΥ: Ἡ ἀπάντησις τῆς Κυβερνήσεως δὲν ἱκανοποιεῖ. Ὁ κ. ΚΑΝΕΛΛΟΠΟΥΛΟΣ: Ἡ Κυβέρνησις ἔχει τὴν ἐμπιστοσύνην τοῦ λαοῦ. Ὁ κ. ΠΑΠΑΝΔΡΕΟΥ: Ἡ ἀπάντησις θὰ δοθῇ ὑπὸ τοῦ λαοῦ.
ΣΥΝΕΧΕΙΑ ἐκ τῆς 1ης σελίδος. Ὁ κ. ΚΑΝΕΛΛΟΠΟΥΛΟΣ: Ἐλέχθη ὅτι ἡ Κυβέρνησις... Ὁ κ. ΠΑΠΑΝΔΡΕΟΥ: Ἡ ἀπάντησις τῆς Κυβερνήσεως δὲν ἱκανοποιεῖ. Ὁ κ. ΚΑΝΕΛΛΟΠΟΥΛΟΣ: Ἡ Κυβέρνησις ἔχει τὴν ἐμπιστοσύνην τοῦ λαοῦ. Ὁ κ. ΠΑΠΑΝΔΡΕΟΥ: Ἡ ἀπάντησις θὰ δοθῇ ὑπὸ τοῦ λαοῦ.
ΣΥΝΕΧΕΙΑ ἐκ τῆς 1ης σελίδος. Ὁ κ. ΚΑΝΕΛΛΟΠΟΥΛΟΣ: Ἐλέχθη ὅτι ἡ Κυβέρνησις... Ὁ κ. ΠΑΠΑΝΔΡΕΟΥ: Ἡ ἀπάντησις τῆς Κυβερνήσεως δὲν ἱκανοποιεῖ. Ὁ κ. ΚΑΝΕΛΛΟΠΟΥΛΟΣ: Ἡ Κυβέρνησις ἔχει τὴν ἐμπιστοσύνην τοῦ λαοῦ. Ὁ κ. ΠΑΠΑΝΔΡΕΟΥ: Ἡ ἀπάντησις θὰ δοθῇ ὑπὸ τοῦ λαοῦ.
ΣΥΝΕΧΕΙΑ ἐκ τῆς 1ης σελίδος. Ὁ κ. ΚΑΝΕΛΛΟΠΟΥΛΟΣ: Ἐλέχθη ὅτι ἡ Κυβέρνησις... Ὁ κ. ΠΑΠΑΝΔΡΕΟΥ: Ἡ ἀπάντησις τῆς Κυβερνήσεως δὲν ἱκανοποιεῖ. Ὁ κ. ΚΑΝΕΛΛΟΠΟΥΛΟΣ: Ἡ Κυβέρνησις ἔχει τὴν ἐμπιστοσύνην τοῦ λαοῦ. Ὁ κ. ΠΑΠΑΝΔΡΕΟΥ: Ἡ ἀπάντησις θὰ δοθῇ ὑπὸ τοῦ λαοῦ.
ΣΥΝΕΧΕΙΑ ἐκ τῆς 1ης σελίδος. Ὁ κ. ΚΑΝΕΛΛΟΠΟΥΛΟΣ: Ἐλέχθη ὅτι ἡ Κυβέρνησις... Ὁ κ. ΠΑΠΑΝΔΡΕΟΥ: Ἡ ἀπάντησις τῆς Κυβερνήσεως δὲν ἱκανοποιεῖ. Ὁ κ. ΚΑΝΕΛΛΟΠΟΥΛΟΣ: Ἡ Κυβέρνησις ἔχει τὴν ἐμπιστοσύνην τοῦ λαοῦ. Ὁ κ. ΠΑΠΑΝΔΡΕΟΥ: Ἡ ἀπάντησις θὰ δοθῇ ὑπὸ τοῦ λαοῦ.
ΣΥΝΕΧΕΙΑ ἐκ τῆς 1ης σελίδος. Ὁ κ. ΚΑΝΕΛΛΟΠΟΥΛΟΣ: Ἐλέχθη ὅτι ἡ Κυβέρνησις... Ὁ κ. ΠΑΠΑΝΔΡΕΟΥ: Ἡ ἀπάντησις τῆς Κυβερνήσεως δὲν ἱκανοποιεῖ. Ὁ κ. ΚΑΝΕΛΛΟΠΟΥΛΟΣ: Ἡ Κυβέρνησις ἔχει τὴν ἐμπιστοσύνην τοῦ λαοῦ. Ὁ κ. ΠΑΠΑΝΔΡΕΟΥ: Ἡ ἀπάντησις θὰ δοθῇ ὑπὸ τοῦ λαοῦ.
ΣΥΝΕΧΕΙΑ ἐκ τῆς 1ης σελίδος. Ὁ κ. ΚΑΝΕΛΛΟΠΟΥΛΟΣ: Ἐλέχθη ὅτι ἡ Κυβέρνησις... Ὁ κ. ΠΑΠΑΝΔΡΕΟΥ: Ἡ ἀπάντησις τῆς Κυβερνήσεως δὲν ἱκανοποιεῖ. Ὁ κ. ΚΑΝΕΛΛΟΠΟΥΛΟΣ: Ἡ Κυβέρνησις ἔχει τὴν ἐμπιστοσύνην τοῦ λαοῦ. Ὁ κ. ΠΑΠΑΝΔΡΕΟΥ: Ἡ ἀπάντησις θὰ δοθῇ ὑπὸ τοῦ λαοῦ.
Η ΠΡΩΤΗ ΚΥΡΙΑ ΤΩΝ ΗΝ. ΠΟΛΙΤΕΙΩΝ
ΕΦΘΑΣΕΝ ΑΕΡΟΠΟΡΙΚΩΣ ΕΙΣ ΑΘΗΝΑΣ
ΣΗΜΕΡΟΝ ΑΡΧΙΖΕΙ ΤΗΝ ΚΡΟΥΑΖΙΕΡΑΝ
ΑΘΗΝΑΙ, 7.— Ἡ σύζυγος τοῦ προέδρου τῶν Ἡνωμένων Πολιτειῶν κ. Ζακλὶν Κέννεντυ ἔφθασεν ἀεροπορικῶς εἰς Ἀθήνας. Εἰς τὸ ἀεροδρόμιον τὴν ὑπεδέχθησαν ἐπίσημοι. Σήμερον ἀρχίζει τὴν κρουαζιέραν εἰς τὰς νήσους τοῦ Αἰγαίου.
ΑΘΗΝΑΙ, 7.— Ἡ σύζυγος τοῦ προέδρου τῶν Ἡνωμένων Πολιτειῶν κ. Ζακλὶν Κέννεντυ ἔφθασεν ἀεροπορικῶς εἰς Ἀθήνας. Εἰς τὸ ἀεροδρόμιον τὴν ὑπεδέχθησαν ἐπίσημοι. Σήμερον ἀρχίζει τὴν κρουαζιέραν εἰς τὰς νήσους τοῦ Αἰγαίου.
Η ΑΦΙΞΙΣ
ΑΘΗΝΑΙ, 7.— Ἡ σύζυγος τοῦ προέδρου τῶν Ἡνωμένων Πολιτειῶν κ. Ζακλὶν Κέννεντυ ἔφθασεν ἀεροπορικῶς εἰς Ἀθήνας. Εἰς τὸ ἀεροδρόμιον τὴν ὑπεδέχθησαν ἐπίσημοι. Σήμερον ἀρχίζει τὴν κρουαζιέραν εἰς τὰς νήσους τοῦ Αἰγαίου.
ΑΘΗΝΑΙ, 7.— Ἡ σύζυγος τοῦ προέδρου τῶν Ἡνωμένων Πολιτειῶν κ. Ζακλὶν Κέννεντυ ἔφθασεν ἀεροπορικῶς εἰς Ἀθήνας. Εἰς τὸ ἀεροδρόμιον τὴν ὑπεδέχθησαν ἐπίσημοι. Σήμερον ἀρχίζει τὴν κρουαζιέραν εἰς τὰς νήσους τοῦ Αἰγαίου.
ΑΘΗΝΑΙ, 7.— Ἡ σύζυγος τοῦ προέδρου τῶν Ἡνωμένων Πολιτειῶν κ. Ζακλὶν Κέννεντυ ἔφθασεν ἀεροπορικῶς εἰς Ἀθήνας. Εἰς τὸ ἀεροδρόμιον τὴν ὑπεδέχθησαν ἐπίσημοι. Σήμερον ἀρχίζει τὴν κρουαζιέραν εἰς τὰς νήσους τοῦ Αἰγαίου.
ΑΘΗΝΑΙ, 7.— Ἡ σύζυγος τοῦ προέδρου τῶν Ἡνωμένων Πολιτειῶν κ. Ζακλὶν Κέννεντυ ἔφθασεν ἀεροπορικῶς εἰς Ἀθήνας. Εἰς τὸ ἀεροδρόμιον τὴν ὑπεδέχθησαν ἐπίσημοι. Σήμερον ἀρχίζει τὴν κρουαζιέραν εἰς τὰς νήσους τοῦ Αἰγαίου.
ΧΕΙΡΑΨΙΑ ΑΝΤΙ ΥΠΟΚΛΙΣΕΩΣ
ΑΘΗΝΑΙ, 7.— Ἡ σύζυγος τοῦ προέδρου τῶν Ἡνωμένων Πολιτειῶν κ. Ζακλὶν Κέννεντυ ἔφθασεν ἀεροπορικῶς εἰς Ἀθήνας. Εἰς τὸ ἀεροδρόμιον τὴν ὑπεδέχθησαν ἐπίσημοι. Σήμερον ἀρχίζει τὴν κρουαζιέραν εἰς τὰς νήσους τοῦ Αἰγαίου.
ΑΘΗΝΑΙ, 7.— Ἡ σύζυγος τοῦ προέδρου τῶν Ἡνωμένων Πολιτειῶν κ. Ζακλὶν Κέννεντυ ἔφθασεν ἀεροπορικῶς εἰς Ἀθήνας. Εἰς τὸ ἀεροδρόμιον τὴν ὑπεδέχθησαν ἐπίσημοι. Σήμερον ἀρχίζει τὴν κρουαζιέραν εἰς τὰς νήσους τοῦ Αἰγαίου.
Ο ΑΡΧΗΓΟΣ ΤΩΝ ΦΙΛΕΛΕΥΘΕΡΩΝ ΣΥΝΗΝΤΗΘΗ ΜΕΤΑ ΤΩΝ κ. κ. ΜΑΡΚΕΖΙΝΗ ΚΑΙ ΤΣΙΡΙΜΩΚΟΥ
Ο ΗΓΕΤΗΣ ΤΩΝ ΠΡΟΟΔΕΥΤΙΚΩΝ ΕΠΕΜΕΙΝΕΝ ΕΙΣ ΤΗΝ ΑΡΧΗΝ «ΕΝ ΚΟΜΜΑ ΚΑΙ ΕΙΣ ΑΡΧΗΓΟΣ»
ΑΘΗΝΑΙ, 7.— Ὁ ἀρχηγὸς τῶν Φιλελευθέρων κ. Σ. Βενιζέλος συνηντήθη χθὲς μετὰ τῶν κ. κ. Μαρκεζίνη καὶ Τσιριμώκου. Ὁ κ. Μαρκεζίνης ἐπέμεινεν εἰς τὴν ἀρχὴν «ἓν κόμμα καὶ εἷς ἀρχηγός».
ΑΘΗΝΑΙ, 7.— Ὁ ἀρχηγὸς τῶν Φιλελευθέρων κ. Σ. Βενιζέλος συνηντήθη χθὲς μετὰ τῶν κ. κ. Μαρκεζίνη καὶ Τσιριμώκου. Ὁ κ. Μαρκεζίνης ἐπέμεινεν εἰς τὴν ἀρχὴν «ἓν κόμμα καὶ εἷς ἀρχηγός».
ΜΕΤΑ ΤΟΥ κ. ΤΣΙΡΙΜΩΚΟΥ
ΑΘΗΝΑΙ, 7.— Ὁ ἀρχηγὸς τῶν Φιλελευθέρων κ. Σ. Βενιζέλος συνηντήθη χθὲς μετὰ τῶν κ. κ. Μαρκεζίνη καὶ Τσιριμώκου. Ὁ κ. Μαρκεζίνης ἐπέμεινεν εἰς τὴν ἀρχὴν «ἓν κόμμα καὶ εἷς ἀρχηγός».
ΑΘΗΝΑΙ, 7.— Ὁ ἀρχηγὸς τῶν Φιλελευθέρων κ. Σ. Βενιζέλος συνηντήθη χθὲς μετὰ τῶν κ. κ. Μαρκεζίνη καὶ Τσιριμώκου. Ὁ κ. Μαρκεζίνης ἐπέμεινεν εἰς τὴν ἀρχὴν «ἓν κόμμα καὶ εἷς ἀρχηγός».
ΔΙΕΥΚΡΙΝΗΣΙΣ ΤΗΣ ΚΕΑ
ΑΘΗΝΑΙ, 7.— Ὁ ἀρχηγὸς τῶν Φιλελευθέρων κ. Σ. Βενιζέλος συνηντήθη χθὲς μετὰ τῶν κ. κ. Μαρκεζίνη καὶ Τσιριμώκου. Ὁ κ. Μαρκεζίνης ἐπέμεινεν εἰς τὴν ἀρχὴν «ἓν κόμμα καὶ εἷς ἀρχηγός».
ΤΑ ΕΡΓΑΤΙΚΑ ΣΥΝΔΙΚΑΤΑ ΤΗΣ ΔΑΜΑΣΚΟΥ ΕΠΙΤΙΘΕΝΤΑΙ ΜΕ ΔΡΙΜΕΙΑΣ ΕΚΦΡΑΣΕΙΣ ΕΝΑΝΤΙΟΝ ΤΩΝ ΣΥΝΔΙΚΑΤΩΝ ΤΗΣ ΡΩΣΣΙΑΣ
ΔΑΜΑΣΚΟΣ, 7. (Ἀσσ. Πρές).— Ἡ ὁμοσπονδία τῶν ἐργατικῶν συνδικάτων τῆς Δαμασκοῦ ἐπετέθη μὲ δριμείας ἐκφράσεις ἐναντίον τῶν συνδικάτων τῆς Ρωσσίας.
ΔΑΜΑΣΚΟΣ, 7. (Ἀσσ. Πρές).— Ἡ ὁμοσπονδία τῶν ἐργατικῶν συνδικάτων τῆς Δαμασκοῦ ἐπετέθη μὲ δριμείας ἐκφράσεις ἐναντίον τῶν συνδικάτων τῆς Ρωσσίας.
ΔΑΜΑΣΚΟΣ, 7. (Ἀσσ. Πρές).— Ἡ ὁμοσπονδία τῶν ἐργατικῶν συνδικάτων τῆς Δαμασκοῦ ἐπετέθη μὲ δριμείας ἐκφράσεις ἐναντίον τῶν συνδικάτων τῆς Ρωσσίας.
ΓΕΡΜΑΝΙΚΑΙ ΠΙΣΤΩΣΕΙΣ ΠΡΟΣ ΤΗΝ ΤΟΥΡΚΙΑΝ
ΒΟΝΝΗ, 7. (Ἀσσ. Πρές).— Ἡ δυτικογερμανικὴ κυβέρνησις ἐχορήγησε πίστωσιν 200.000.000 μάρκων εἰς τὴν Τουρκίαν διὰ τὸ 1961 καὶ 1962.
ΒΟΝΝΗ, 7. (Ἀσσ. Πρές).— Ἡ δυτικογερμανικὴ κυβέρνησις ἐχορήγησε πίστωσιν 200.000.000 μάρκων εἰς τὴν Τουρκίαν διὰ τὸ 1961 καὶ 1962.
ΟΙ ΚΙΝΕΖΟΙ ΗΓΟΥΝΤΑΙ, ΔΙΕΚΗΡΥΞΕΝ Ο ΤΙΤΟ, ΤΗΣ ΑΝΤΙΓΙΟΥΓΚΟΣΛΑΒΙΚΗΣ ΕΚΣΤΡΑΤΕΙΑΣ ΚΑΙ ΕΠΟΝΤΑΙ ΟΙ ΒΟΥΛΓΑΡΟΙ ΚΑΙ ΟΙ ΤΣΕΧΟΙ
ΒΕΛΙΓΡΑΔΙΟΝ, 7. (Ρώυτερ).— Ὁ πρόεδρος Τίτο διεκήρυξεν ὅτι οἱ Κινέζοι ἡγοῦνται τῆς ἀντιγιουγκοσλαβικῆς ἐκστρατείας.
ΒΕΛΙΓΡΑΔΙΟΝ, 7. (Ρώυτερ).— Ὁ πρόεδρος Τίτο διεκήρυξεν ὅτι οἱ Κινέζοι ἡγοῦνται τῆς ἀντιγιουγκοσλαβικῆς ἐκστρατείας.
ΙΚΑΝΟΠΟΙΗΣΕ ΠΟΛΥ ΤΟΥΣ ΑΓΓΛΟΥΣ Ο ΛΟΓΟΣ ΤΟΥ ΠΡΟΕΔΡΟΥ ΚΕΝΝΕΝΤΥ
ΛΟΝΔΙΝΟΝ, 7. (Ἀσσ. Πρές).— Ὁ λόγος τοῦ προέδρου Κέννεντυ προεκάλεσεν ἱκανοποίησιν εἰς τοὺς βρεταννικοὺς κύκλους.
ΛΟΝΔΙΝΟΝ, 7. (Ἀσσ. Πρές).— Ὁ λόγος τοῦ προέδρου Κέννεντυ προεκάλεσεν ἱκανοποίησιν εἰς τοὺς βρεταννικοὺς κύκλους.
ΛΟΝΔΙΝΟΝ, 7. (Ἀσσ. Πρές).— Ὁ λόγος τοῦ προέδρου Κέννεντυ προεκάλεσεν ἱκανοποίησιν εἰς τοὺς βρεταννικοὺς κύκλους.
ΛΟΝΔΙΝΟΝ, 7. (Ἀσσ. Πρές).— Ὁ λόγος τοῦ προέδρου Κέννεντυ προεκάλεσεν ἱκανοποίησιν εἰς τοὺς βρεταννικοὺς κύκλους.
ΘΑ ΥΠΟΧΡΕΩΘΟΥΝ ΝΑ ΔΕΧΘΟΥΝ
ΛΟΝΔΙΝΟΝ, 7. (Ἀσσ. Πρές).— Ὁ λόγος τοῦ προέδρου Κέννεντυ προεκάλεσεν ἱκανοποίησιν εἰς τοὺς βρεταννικοὺς κύκλους.
ΛΟΝΔΙΝΟΝ, 7. (Ἀσσ. Πρές).— Ὁ λόγος τοῦ προέδρου Κέννεντυ προεκάλεσεν ἱκανοποίησιν εἰς τοὺς βρεταννικοὺς κύκλους.
